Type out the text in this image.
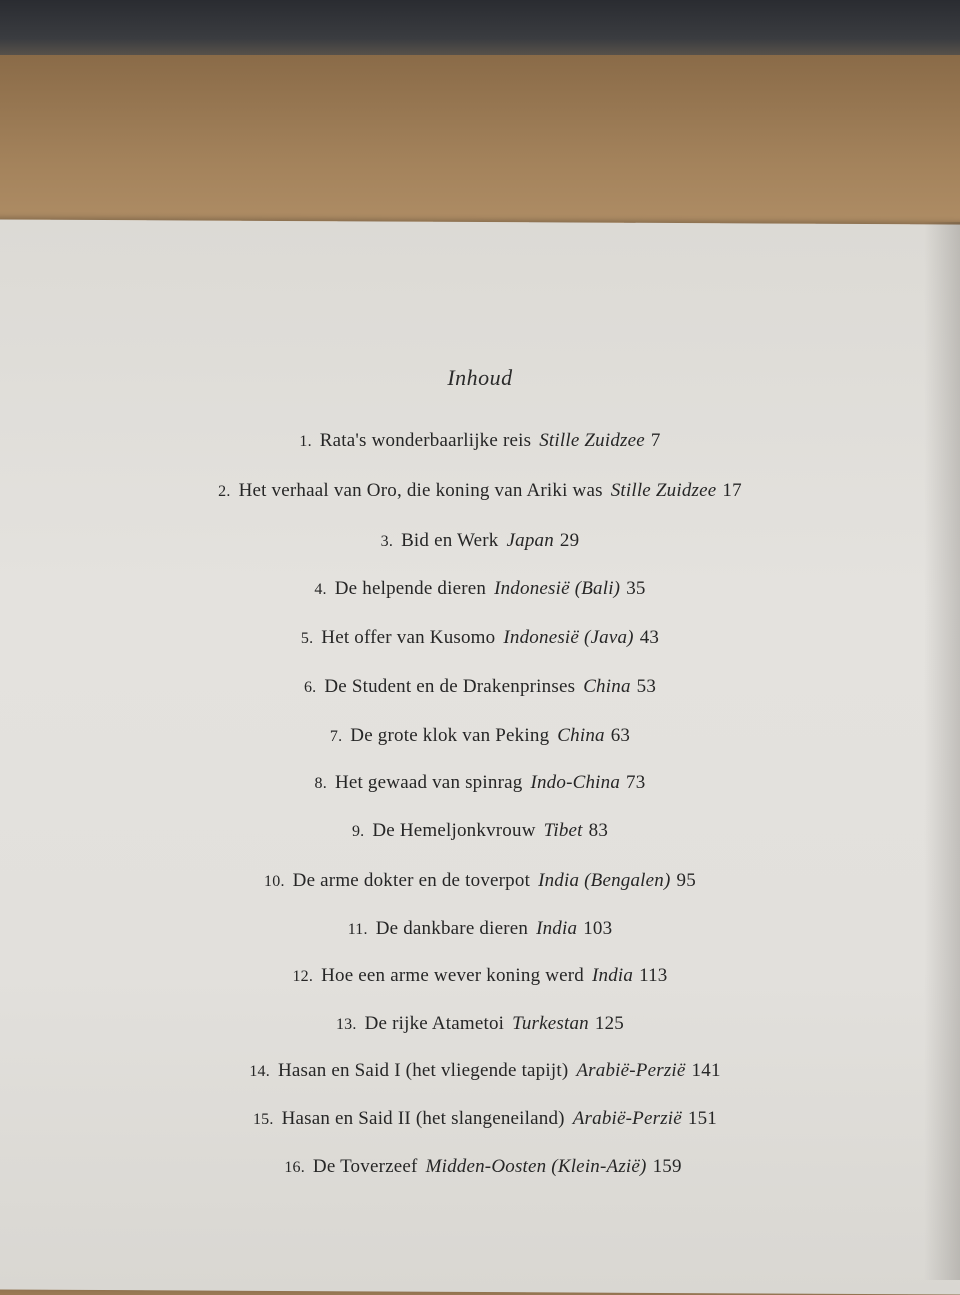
Inhoud
1. Rata's wonderbaarlijke reis Stille Zuidzee 7
2. Het verhaal van Oro, die koning van Ariki was Stille Zuidzee 17
3. Bid en Werk Japan 29
4. De helpende dieren Indonesië (Bali) 35
5. Het offer van Kusomo Indonesië (Java) 43
6. De Student en de Drakenprinses China 53
7. De grote klok van Peking China 63
8. Het gewaad van spinrag Indo-China 73
9. De Hemeljonkvrouw Tibet 83
10. De arme dokter en de toverpot India (Bengalen) 95
11. De dankbare dieren India 103
12. Hoe een arme wever koning werd India 113
13. De rijke Atametoi Turkestan 125
14. Hasan en Said I (het vliegende tapijt) Arabië-Perzië 141
15. Hasan en Said II (het slangeneiland) Arabië-Perzië 151
16. De Toverzeef Midden-Oosten (Klein-Azië) 159
